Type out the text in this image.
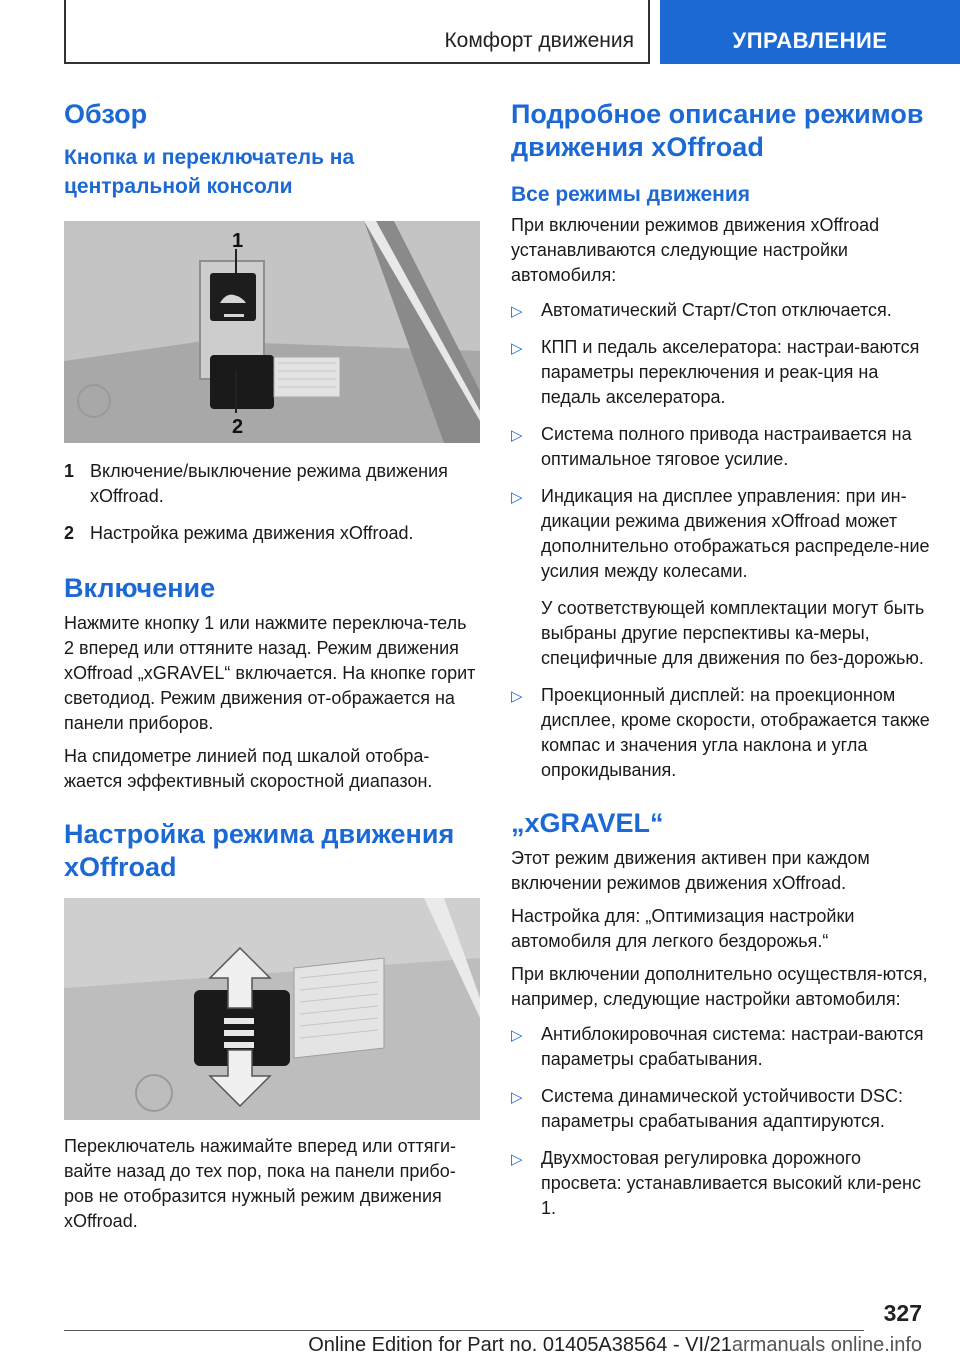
Комфорт движения	УПРАВЛЕНИЕ
Обзор
Кнопка и переключатель на центральной консоли
1
2
1 Включение/выключение режима движения xOffroad.
2 Настройка режима движения xOffroad.
Включение

Нажмите кнопку 1 или нажмите переключа-тель 2 вперед или оттяните назад. Режим движения xOffroad „xGRAVEL“ включается. На кнопке горит светодиод. Режим движения от-ображается на панели приборов.

На спидометре линией под шкалой отобра-жается эффективный скоростной диапазон.

Настройка режима движения xOffroad

Переключатель нажимайте вперед или оттяги-вайте назад до тех пор, пока на панели прибо-ров не отобразится нужный режим движения xOffroad.

Подробное описание режимов движения xOffroad
Все режимы движения

При включении режимов движения xOffroad устанавливаются следующие настройки автомобиля:

▷ Автоматический Старт/Стоп отключается.
▷ КПП и педаль акселератора: настраи-ваются параметры переключения и реак-ция на педаль акселератора.
▷ Система полного привода настраивается на оптимальное тяговое усилие.
▷ Индикация на дисплее управления: при ин-дикации режима движения xOffroad может дополнительно отображаться распределе-ние усилия между колесами.
У соответствующей комплектации могут быть выбраны другие перспективы ка-меры, специфичные для движения по без-дорожью.
▷ Проекционный дисплей: на проекционном дисплее, кроме скорости, отображается также компас и значения угла наклона и угла опрокидывания.
„xGRAVEL“

Этот режим движения активен при каждом включении режимов движения xOffroad.

Настройка для: „Оптимизация настройки автомобиля для легкого бездорожья.“

При включении дополнительно осуществля-ются, например, следующие настройки автомобиля:

▷ Антиблокировочная система: настраи-ваются параметры срабатывания.
▷ Система динамической устойчивости DSC: параметры срабатывания адаптируются.
▷ Двухмостовая регулировка дорожного просвета: устанавливается высокий кли-ренс 1.
327
Online Edition for Part no. 01405A38564 - VI/21armanuals online.info
